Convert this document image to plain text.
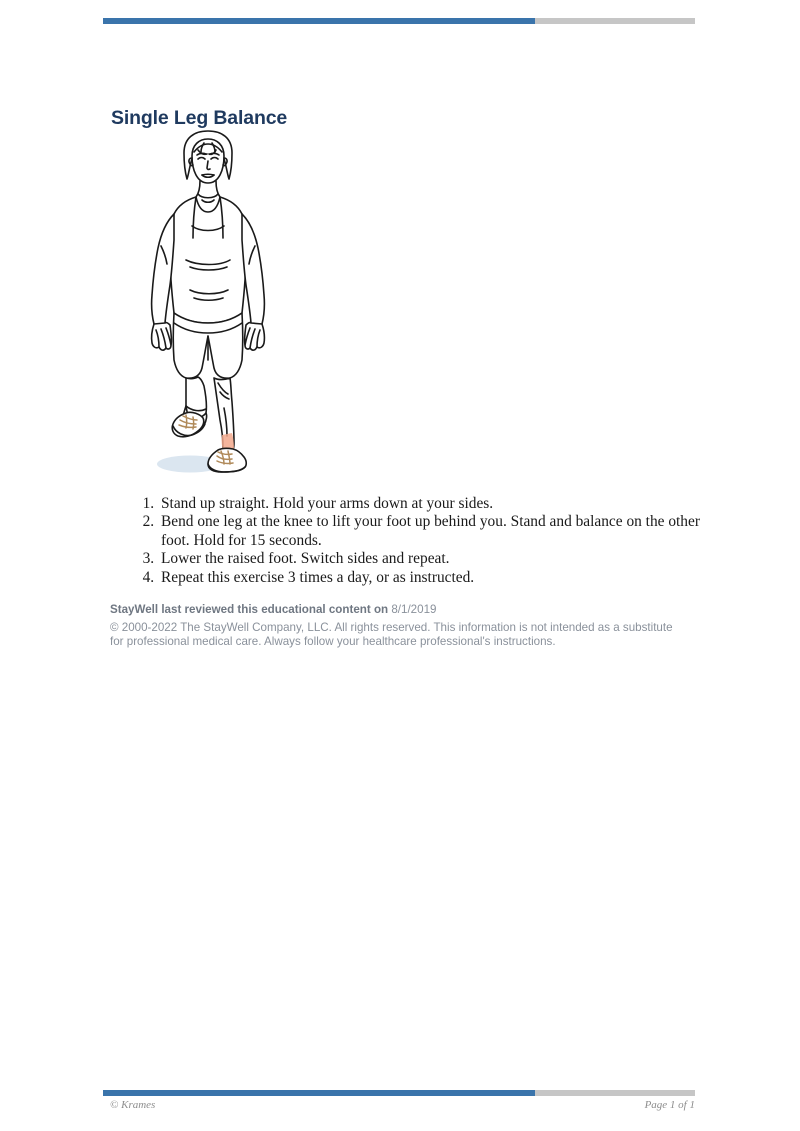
Single Leg Balance
1. Stand up straight. Hold your arms down at your sides.
2. Bend one leg at the knee to lift your foot up behind you. Stand and balance on the other foot. Hold for 15 seconds.
3. Lower the raised foot. Switch sides and repeat.
4. Repeat this exercise 3 times a day, or as instructed.
StayWell last reviewed this educational content on 8/1/2019
© 2000-2022 The StayWell Company, LLC. All rights reserved. This information is not intended as a substitute for professional medical care. Always follow your healthcare professional's instructions.
© Krames	Page 1 of 1
